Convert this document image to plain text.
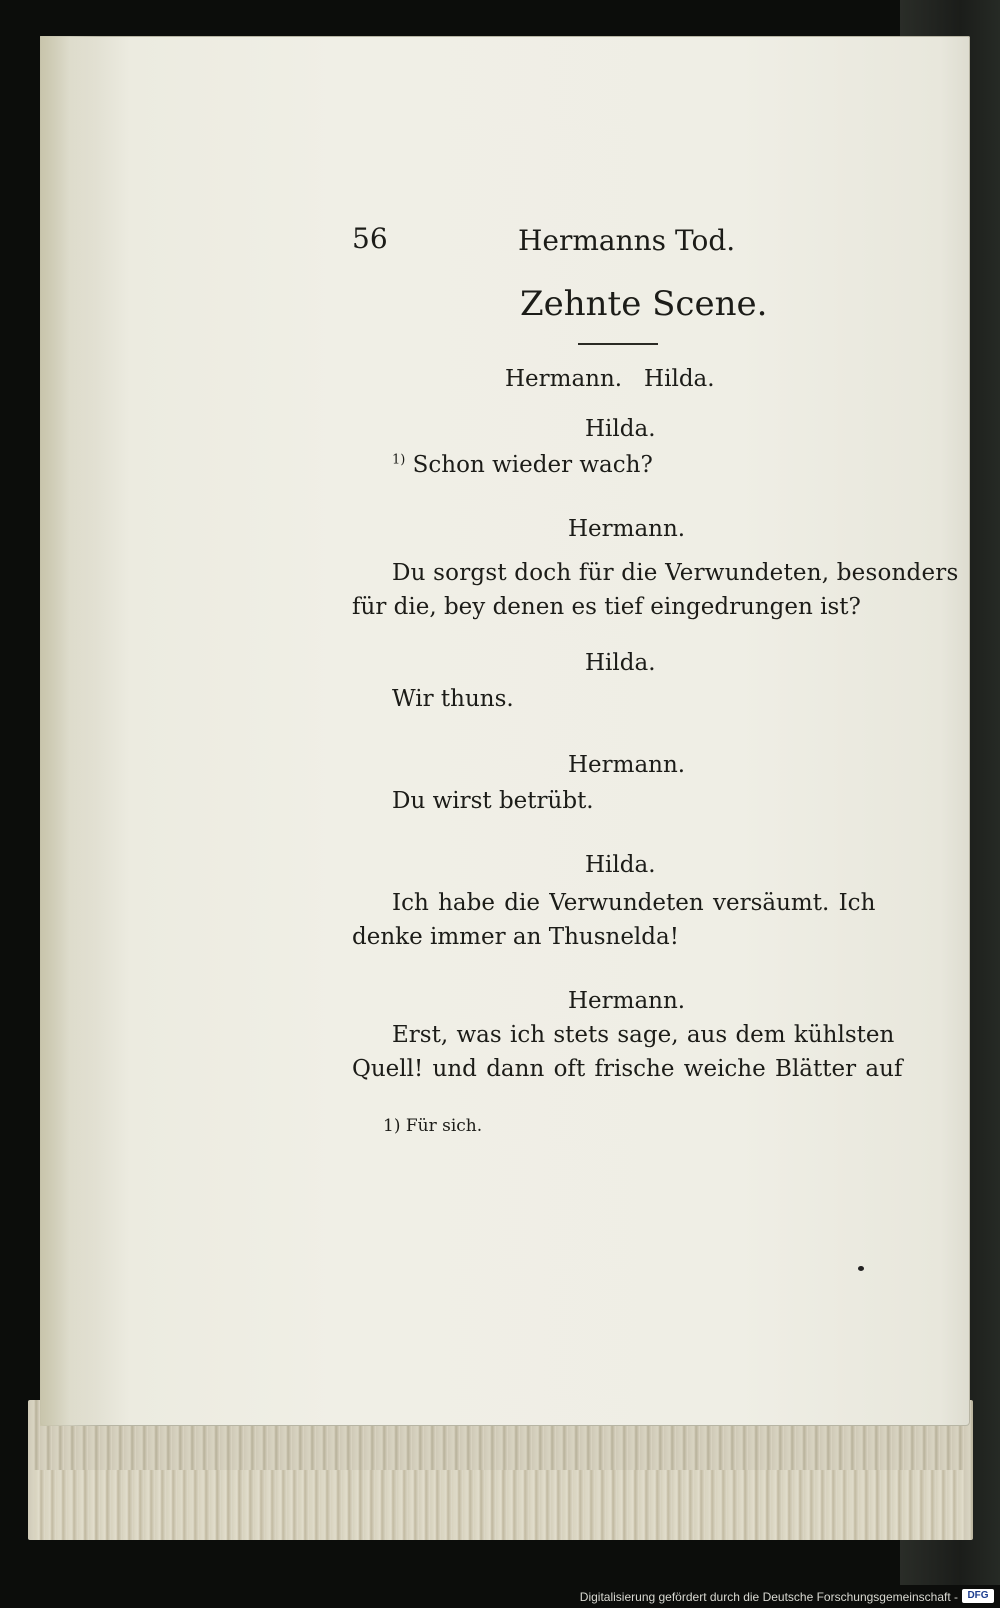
56	Hermanns Tod.
Zehnte Scene.
Hermann.   Hilda.
Hilda.
$^{1)}$ Schon wieder wach?
Hermann.
Du sorgst doch für die Verwundeten, besonders
für die, bey denen es tief eingedrungen ist?
Hilda.
Wir thuns.
Hermann.
Du wirst betrübt.
Hilda.
Ich habe die Verwundeten versäumt. Ich
denke immer an Thusnelda!
Hermann.
Erst, was ich stets sage, aus dem kühlsten
Quell! und dann oft frische weiche Blätter auf
1) Für sich.
Digitalisierung gefördert durch die Deutsche Forschungsgemeinschaft - DFG
